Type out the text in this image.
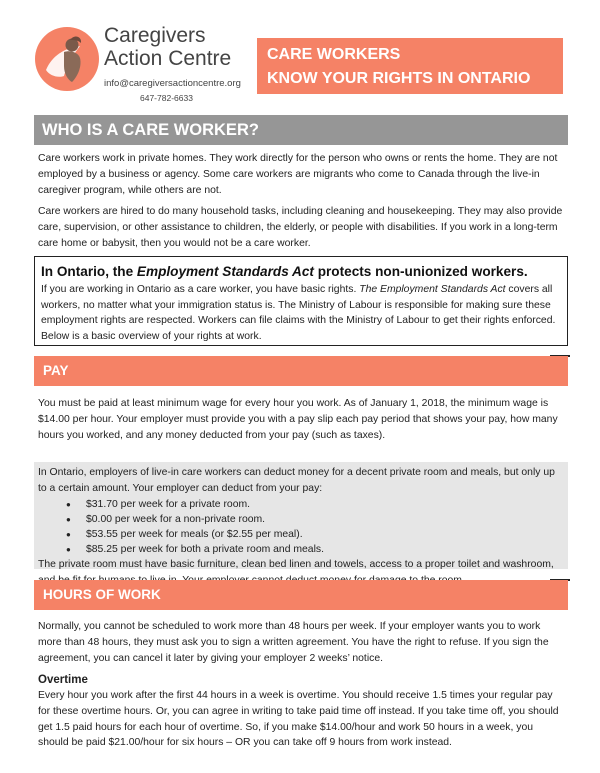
Caregivers
Action Centre
info@caregiversactioncentre.org
647-782-6633
CARE WORKERS
KNOW YOUR RIGHTS IN ONTARIO
WHO IS A CARE WORKER?

Care workers work in private homes. They work directly for the person who owns or rents the home. They are not employed by a business or agency. Some care workers are migrants who come to Canada through the live-in caregiver program, while others are not.

Care workers are hired to do many household tasks, including cleaning and housekeeping. They may also provide care, supervision, or other assistance to children, the elderly, or people with disabilities. If you work in a long-term care home or babysit, then you would not be a care worker.

In Ontario, the Employment Standards Act protects non-unionized workers.
If you are working in Ontario as a care worker, you have basic rights. The Employment Standards Act covers all workers, no matter what your immigration status is. The Ministry of Labour is responsible for making sure these employment rights are respected. Workers can file claims with the Ministry of Labour to get their rights enforced. Below is a basic overview of your rights at work.
PAY

You must be paid at least minimum wage for every hour you work. As of January 1, 2018, the minimum wage is $14.00 per hour. Your employer must provide you with a pay slip each pay period that shows your pay, how many hours you worked, and any money deducted from your pay (such as taxes).

In Ontario, employers of live-in care workers can deduct money for a decent private room and meals, but only up to a certain amount. Your employer can deduct from your pay:

● $31.70 per week for a private room.
● $0.00 per week for a non-private room.
● $53.55 per week for meals (or $2.55 per meal).
● $85.25 per week for both a private room and meals.

The private room must have basic furniture, clean bed linen and towels, access to a proper toilet and washroom,

HOURS OF WORK

Normally, you cannot be scheduled to work more than 48 hours per week. If your employer wants you to work more than 48 hours, they must ask you to sign a written agreement. You have the right to refuse. If you sign the agreement, you can cancel it later by giving your employer 2 weeks’ notice.

Overtime

Every hour you work after the first 44 hours in a week is overtime. You should receive 1.5 times your regular pay for these overtime hours. Or, you can agree in writing to take paid time off instead. If you take time off, you should get 1.5 paid hours for each hour of overtime. So, if you make $14.00/hour and work 50 hours in a week, you should be paid $21.00/hour for six hours – OR you can take off 9 hours from work instead.
